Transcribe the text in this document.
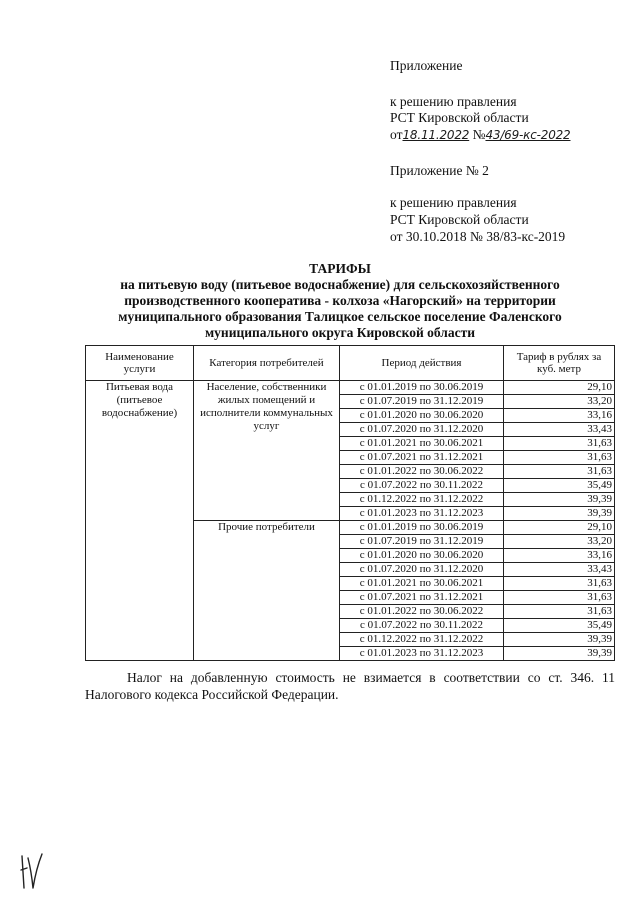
Приложение
к решению правления
РСТ Кировской области
от18.11.2022 №43/69-кс-2022
Приложение № 2
к решению правления
РСТ Кировской области
от 30.10.2018 № 38/83-кс-2019
ТАРИФЫ
на питьевую воду (питьевое водоснабжение) для сельскохозяйственного
производственного кооператива - колхоза «Нагорский» на территории
муниципального образования Талицкое сельское поселение Фаленского
муниципального округа Кировской области
Наименование услуги	Категория потребителей	Период действия	Тариф в рублях за куб. метр
Питьевая вода (питьевое водоснабжение)	Население, собственники жилых помещений и исполнители коммунальных услуг	с 01.01.2019 по 30.06.2019	29,10
		с 01.07.2019 по 31.12.2019	33,20
		с 01.01.2020 по 30.06.2020	33,16
		с 01.07.2020 по 31.12.2020	33,43
		с 01.01.2021 по 30.06.2021	31,63
		с 01.07.2021 по 31.12.2021	31,63
		с 01.01.2022 по 30.06.2022	31,63
		с 01.07.2022 по 30.11.2022	35,49
		с 01.12.2022 по 31.12.2022	39,39
		с 01.01.2023 по 31.12.2023	39,39
	Прочие потребители	с 01.01.2019 по 30.06.2019	29,10
		с 01.07.2019 по 31.12.2019	33,20
		с 01.01.2020 по 30.06.2020	33,16
		с 01.07.2020 по 31.12.2020	33,43
		с 01.01.2021 по 30.06.2021	31,63
		с 01.07.2021 по 31.12.2021	31,63
		с 01.01.2022 по 30.06.2022	31,63
		с 01.07.2022 по 30.11.2022	35,49
		с 01.12.2022 по 31.12.2022	39,39
		с 01.01.2023 по 31.12.2023	39,39
Налог на добавленную стоимость не взимается в соответствии со ст. 346. 11 Налогового кодекса Российской Федерации.
